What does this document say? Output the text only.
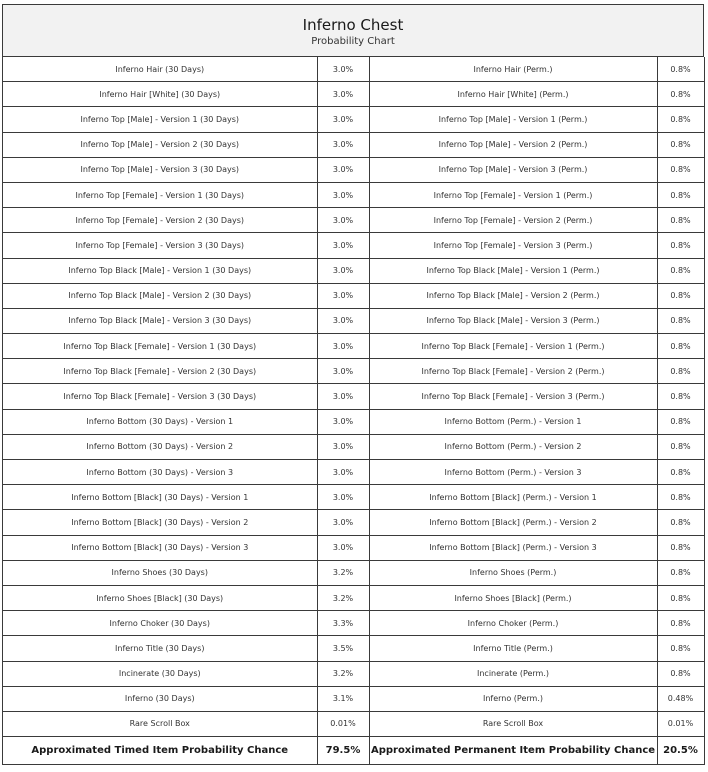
Inferno Chest
Probability Chart
Inferno Hair (30 Days)	3.0%	Inferno Hair (Perm.)	0.8%
Inferno Hair [White] (30 Days)	3.0%	Inferno Hair [White] (Perm.)	0.8%
Inferno Top [Male] - Version 1 (30 Days)	3.0%	Inferno Top [Male] - Version 1 (Perm.)	0.8%
Inferno Top [Male] - Version 2 (30 Days)	3.0%	Inferno Top [Male] - Version 2 (Perm.)	0.8%
Inferno Top [Male] - Version 3 (30 Days)	3.0%	Inferno Top [Male] - Version 3 (Perm.)	0.8%
Inferno Top [Female] - Version 1 (30 Days)	3.0%	Inferno Top [Female] - Version 1 (Perm.)	0.8%
Inferno Top [Female] - Version 2 (30 Days)	3.0%	Inferno Top [Female] - Version 2 (Perm.)	0.8%
Inferno Top [Female] - Version 3 (30 Days)	3.0%	Inferno Top [Female] - Version 3 (Perm.)	0.8%
Inferno Top Black [Male] - Version 1 (30 Days)	3.0%	Inferno Top Black [Male] - Version 1 (Perm.)	0.8%
Inferno Top Black [Male] - Version 2 (30 Days)	3.0%	Inferno Top Black [Male] - Version 2 (Perm.)	0.8%
Inferno Top Black [Male] - Version 3 (30 Days)	3.0%	Inferno Top Black [Male] - Version 3 (Perm.)	0.8%
Inferno Top Black [Female] - Version 1 (30 Days)	3.0%	Inferno Top Black [Female] - Version 1 (Perm.)	0.8%
Inferno Top Black [Female] - Version 2 (30 Days)	3.0%	Inferno Top Black [Female] - Version 2 (Perm.)	0.8%
Inferno Top Black [Female] - Version 3 (30 Days)	3.0%	Inferno Top Black [Female] - Version 3 (Perm.)	0.8%
Inferno Bottom (30 Days) - Version 1	3.0%	Inferno Bottom (Perm.) - Version 1	0.8%
Inferno Bottom (30 Days) - Version 2	3.0%	Inferno Bottom (Perm.) - Version 2	0.8%
Inferno Bottom (30 Days) - Version 3	3.0%	Inferno Bottom (Perm.) - Version 3	0.8%
Inferno Bottom [Black] (30 Days) - Version 1	3.0%	Inferno Bottom [Black] (Perm.) - Version 1	0.8%
Inferno Bottom [Black] (30 Days) - Version 2	3.0%	Inferno Bottom [Black] (Perm.) - Version 2	0.8%
Inferno Bottom [Black] (30 Days) - Version 3	3.0%	Inferno Bottom [Black] (Perm.) - Version 3	0.8%
Inferno Shoes (30 Days)	3.2%	Inferno Shoes (Perm.)	0.8%
Inferno Shoes [Black] (30 Days)	3.2%	Inferno Shoes [Black] (Perm.)	0.8%
Inferno Choker (30 Days)	3.3%	Inferno Choker (Perm.)	0.8%
Inferno Title (30 Days)	3.5%	Inferno Title (Perm.)	0.8%
Incinerate (30 Days)	3.2%	Incinerate (Perm.)	0.8%
Inferno (30 Days)	3.1%	Inferno (Perm.)	0.48%
Rare Scroll Box	0.01%	Rare Scroll Box	0.01%
Approximated Timed Item Probability Chance	79.5%	Approximated Permanent Item Probability Chance	20.5%
